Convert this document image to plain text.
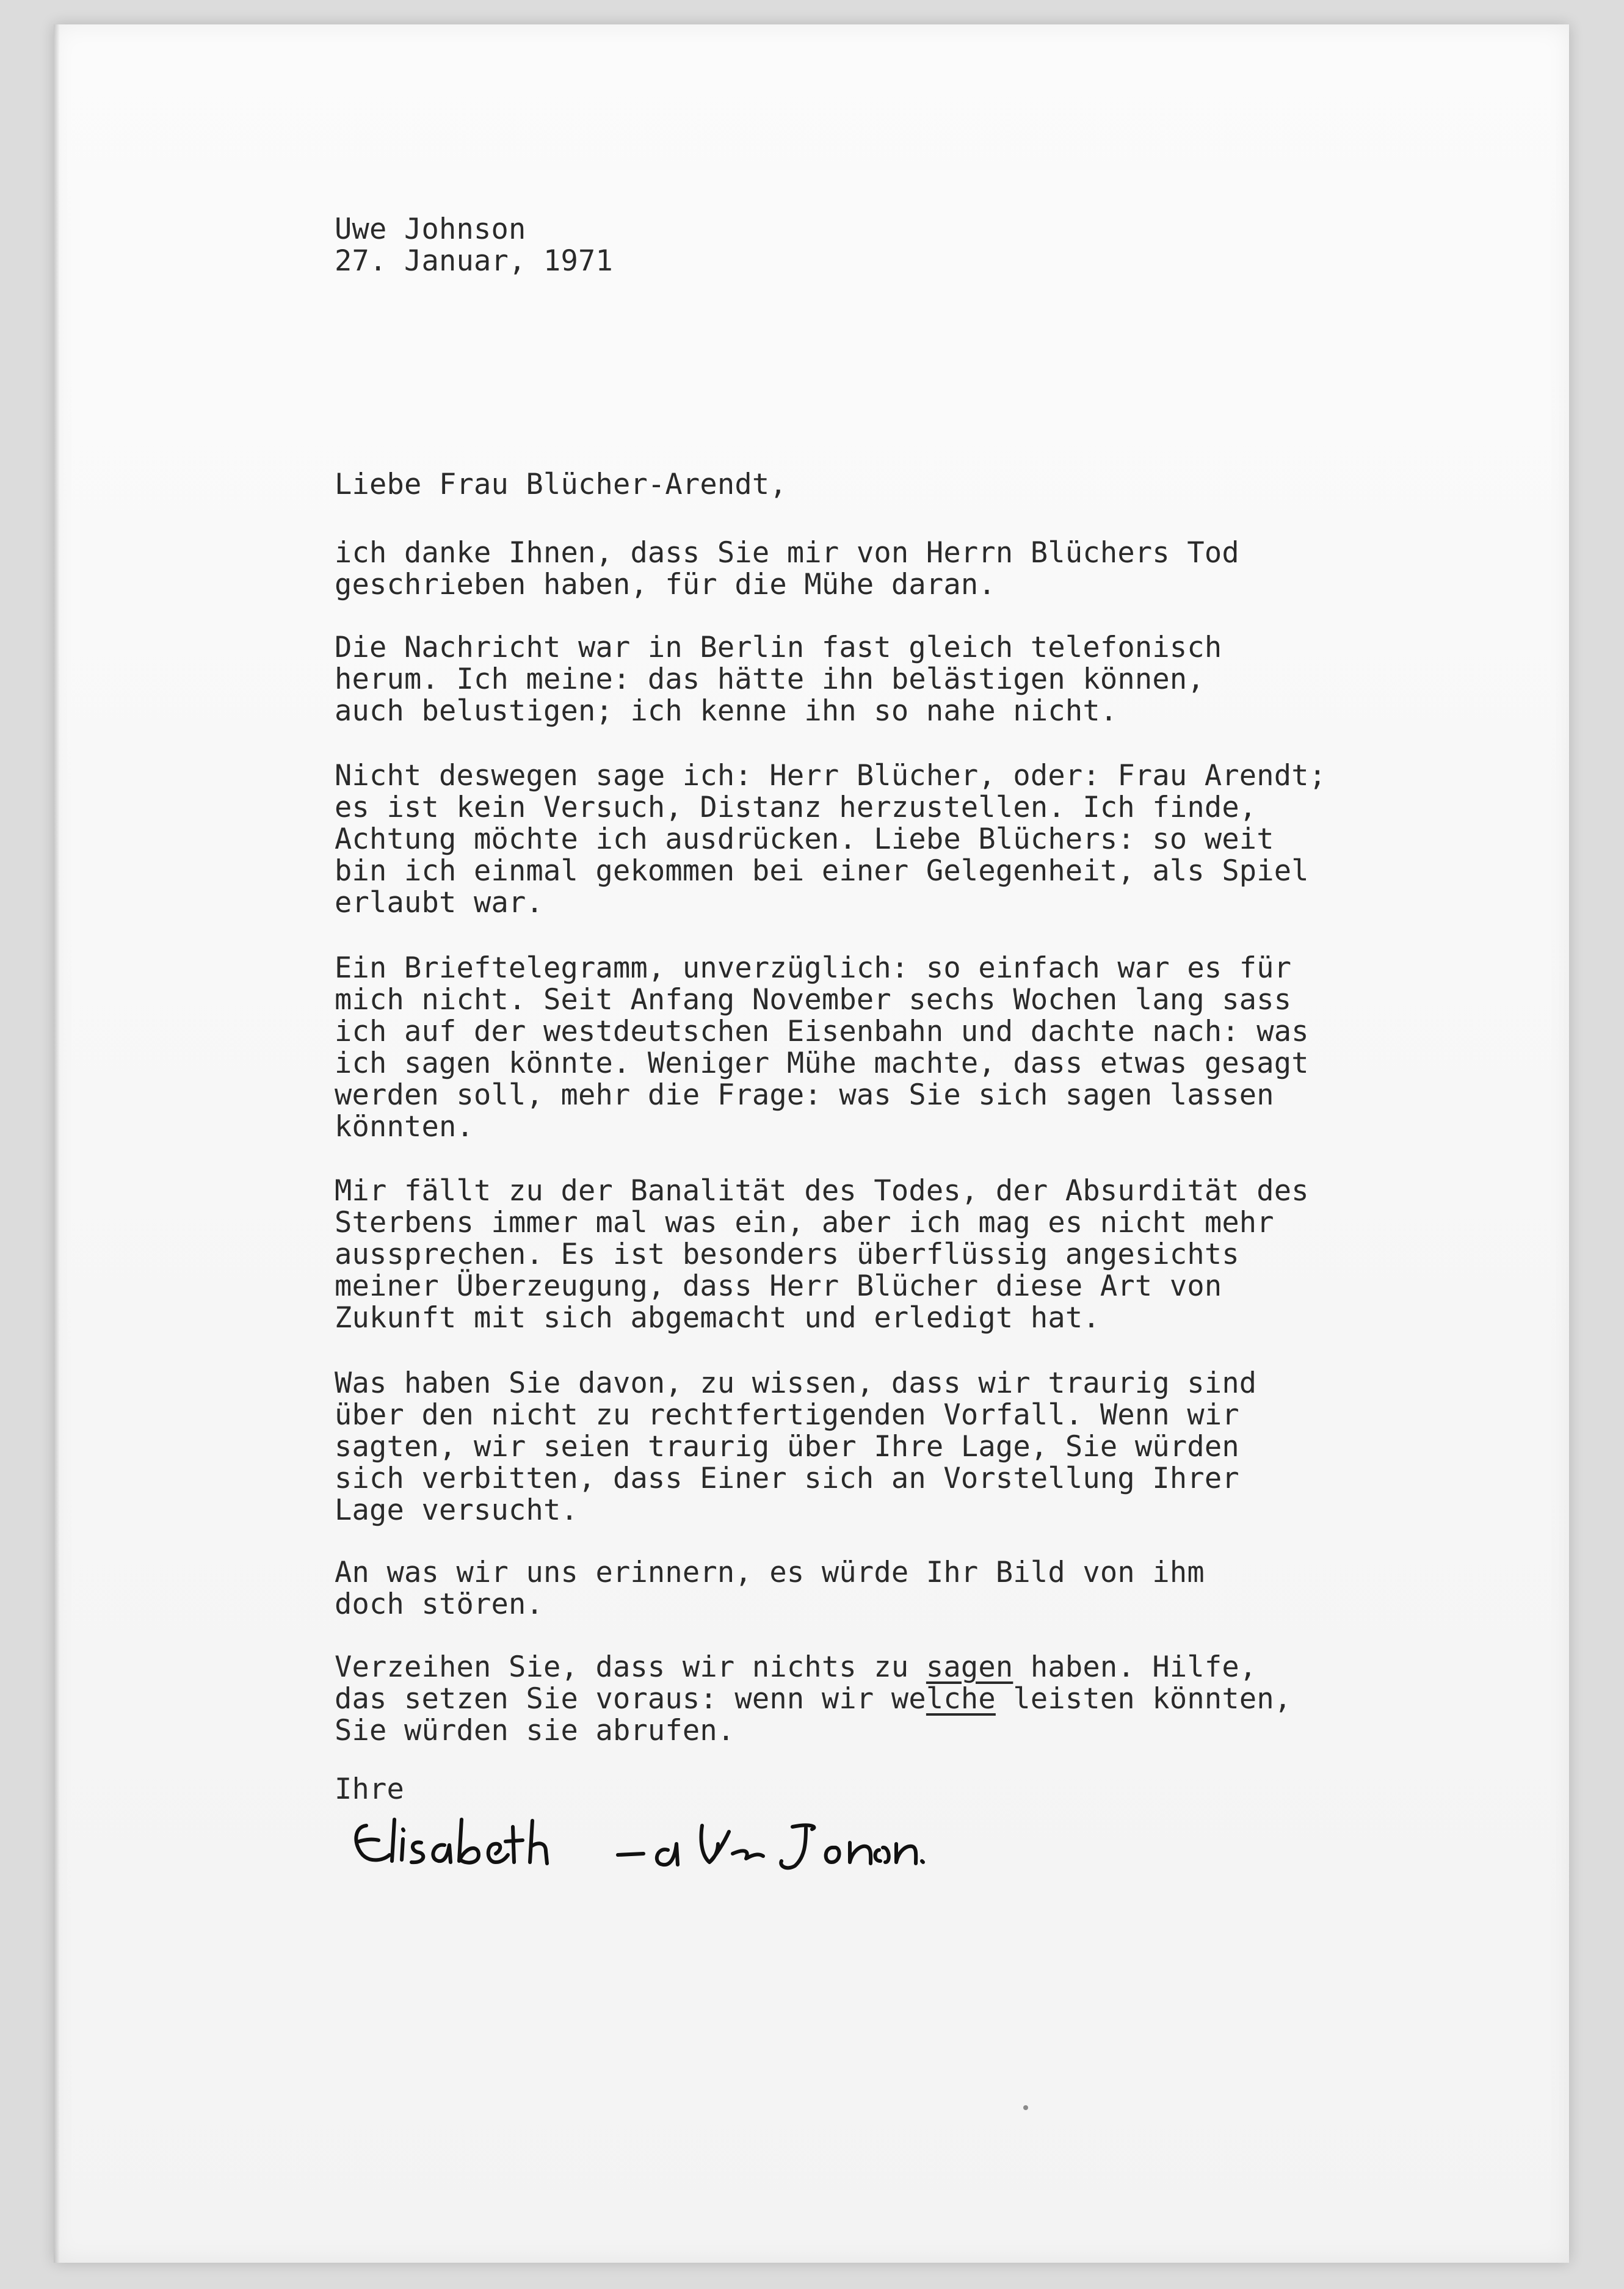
Uwe Johnson
27. Januar, 1971
Liebe Frau Blücher-Arendt,
ich danke Ihnen, dass Sie mir von Herrn Blüchers Tod
geschrieben haben, für die Mühe daran.
Die Nachricht war in Berlin fast gleich telefonisch
herum. Ich meine: das hätte ihn belästigen können,
auch belustigen; ich kenne ihn so nahe nicht.
Nicht deswegen sage ich: Herr Blücher, oder: Frau Arendt;
es ist kein Versuch, Distanz herzustellen. Ich finde,
Achtung möchte ich ausdrücken. Liebe Blüchers: so weit
bin ich einmal gekommen bei einer Gelegenheit, als Spiel
erlaubt war.
Ein Brieftelegramm, unverzüglich: so einfach war es für
mich nicht. Seit Anfang November sechs Wochen lang sass
ich auf der westdeutschen Eisenbahn und dachte nach: was
ich sagen könnte. Weniger Mühe machte, dass etwas gesagt
werden soll, mehr die Frage: was Sie sich sagen lassen
könnten.
Mir fällt zu der Banalität des Todes, der Absurdität des
Sterbens immer mal was ein, aber ich mag es nicht mehr
aussprechen. Es ist besonders überflüssig angesichts
meiner Überzeugung, dass Herr Blücher diese Art von
Zukunft mit sich abgemacht und erledigt hat.
Was haben Sie davon, zu wissen, dass wir traurig sind
über den nicht zu rechtfertigenden Vorfall. Wenn wir
sagten, wir seien traurig über Ihre Lage, Sie würden
sich verbitten, dass Einer sich an Vorstellung Ihrer
Lage versucht.
An was wir uns erinnern, es würde Ihr Bild von ihm
doch stören.
Verzeihen Sie, dass wir nichts zu sagen haben. Hilfe,
das setzen Sie voraus: wenn wir welche leisten könnten,
Sie würden sie abrufen.
Ihre
